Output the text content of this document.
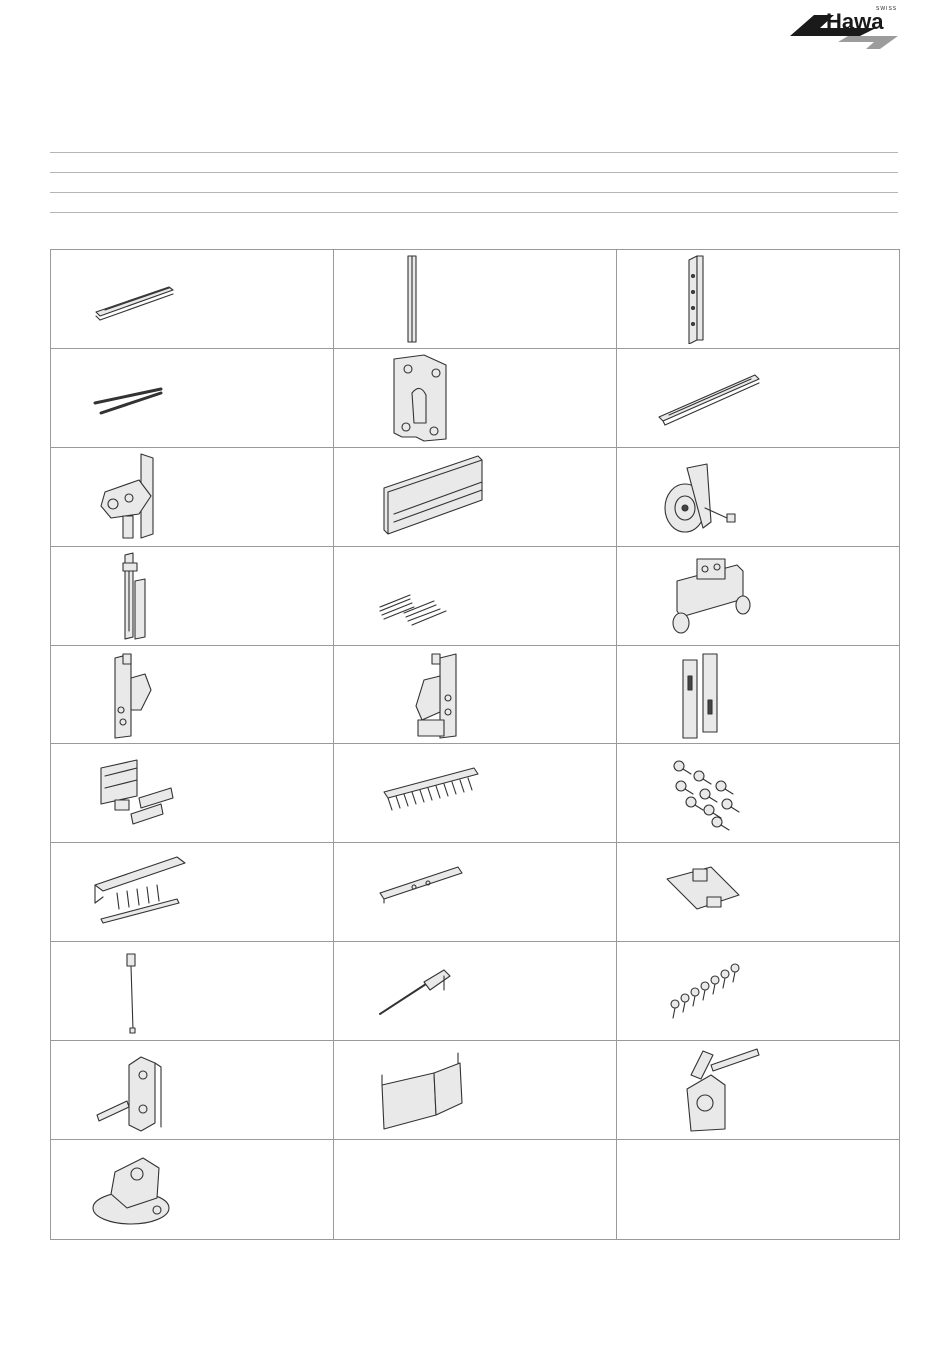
Hawa
SWISS
